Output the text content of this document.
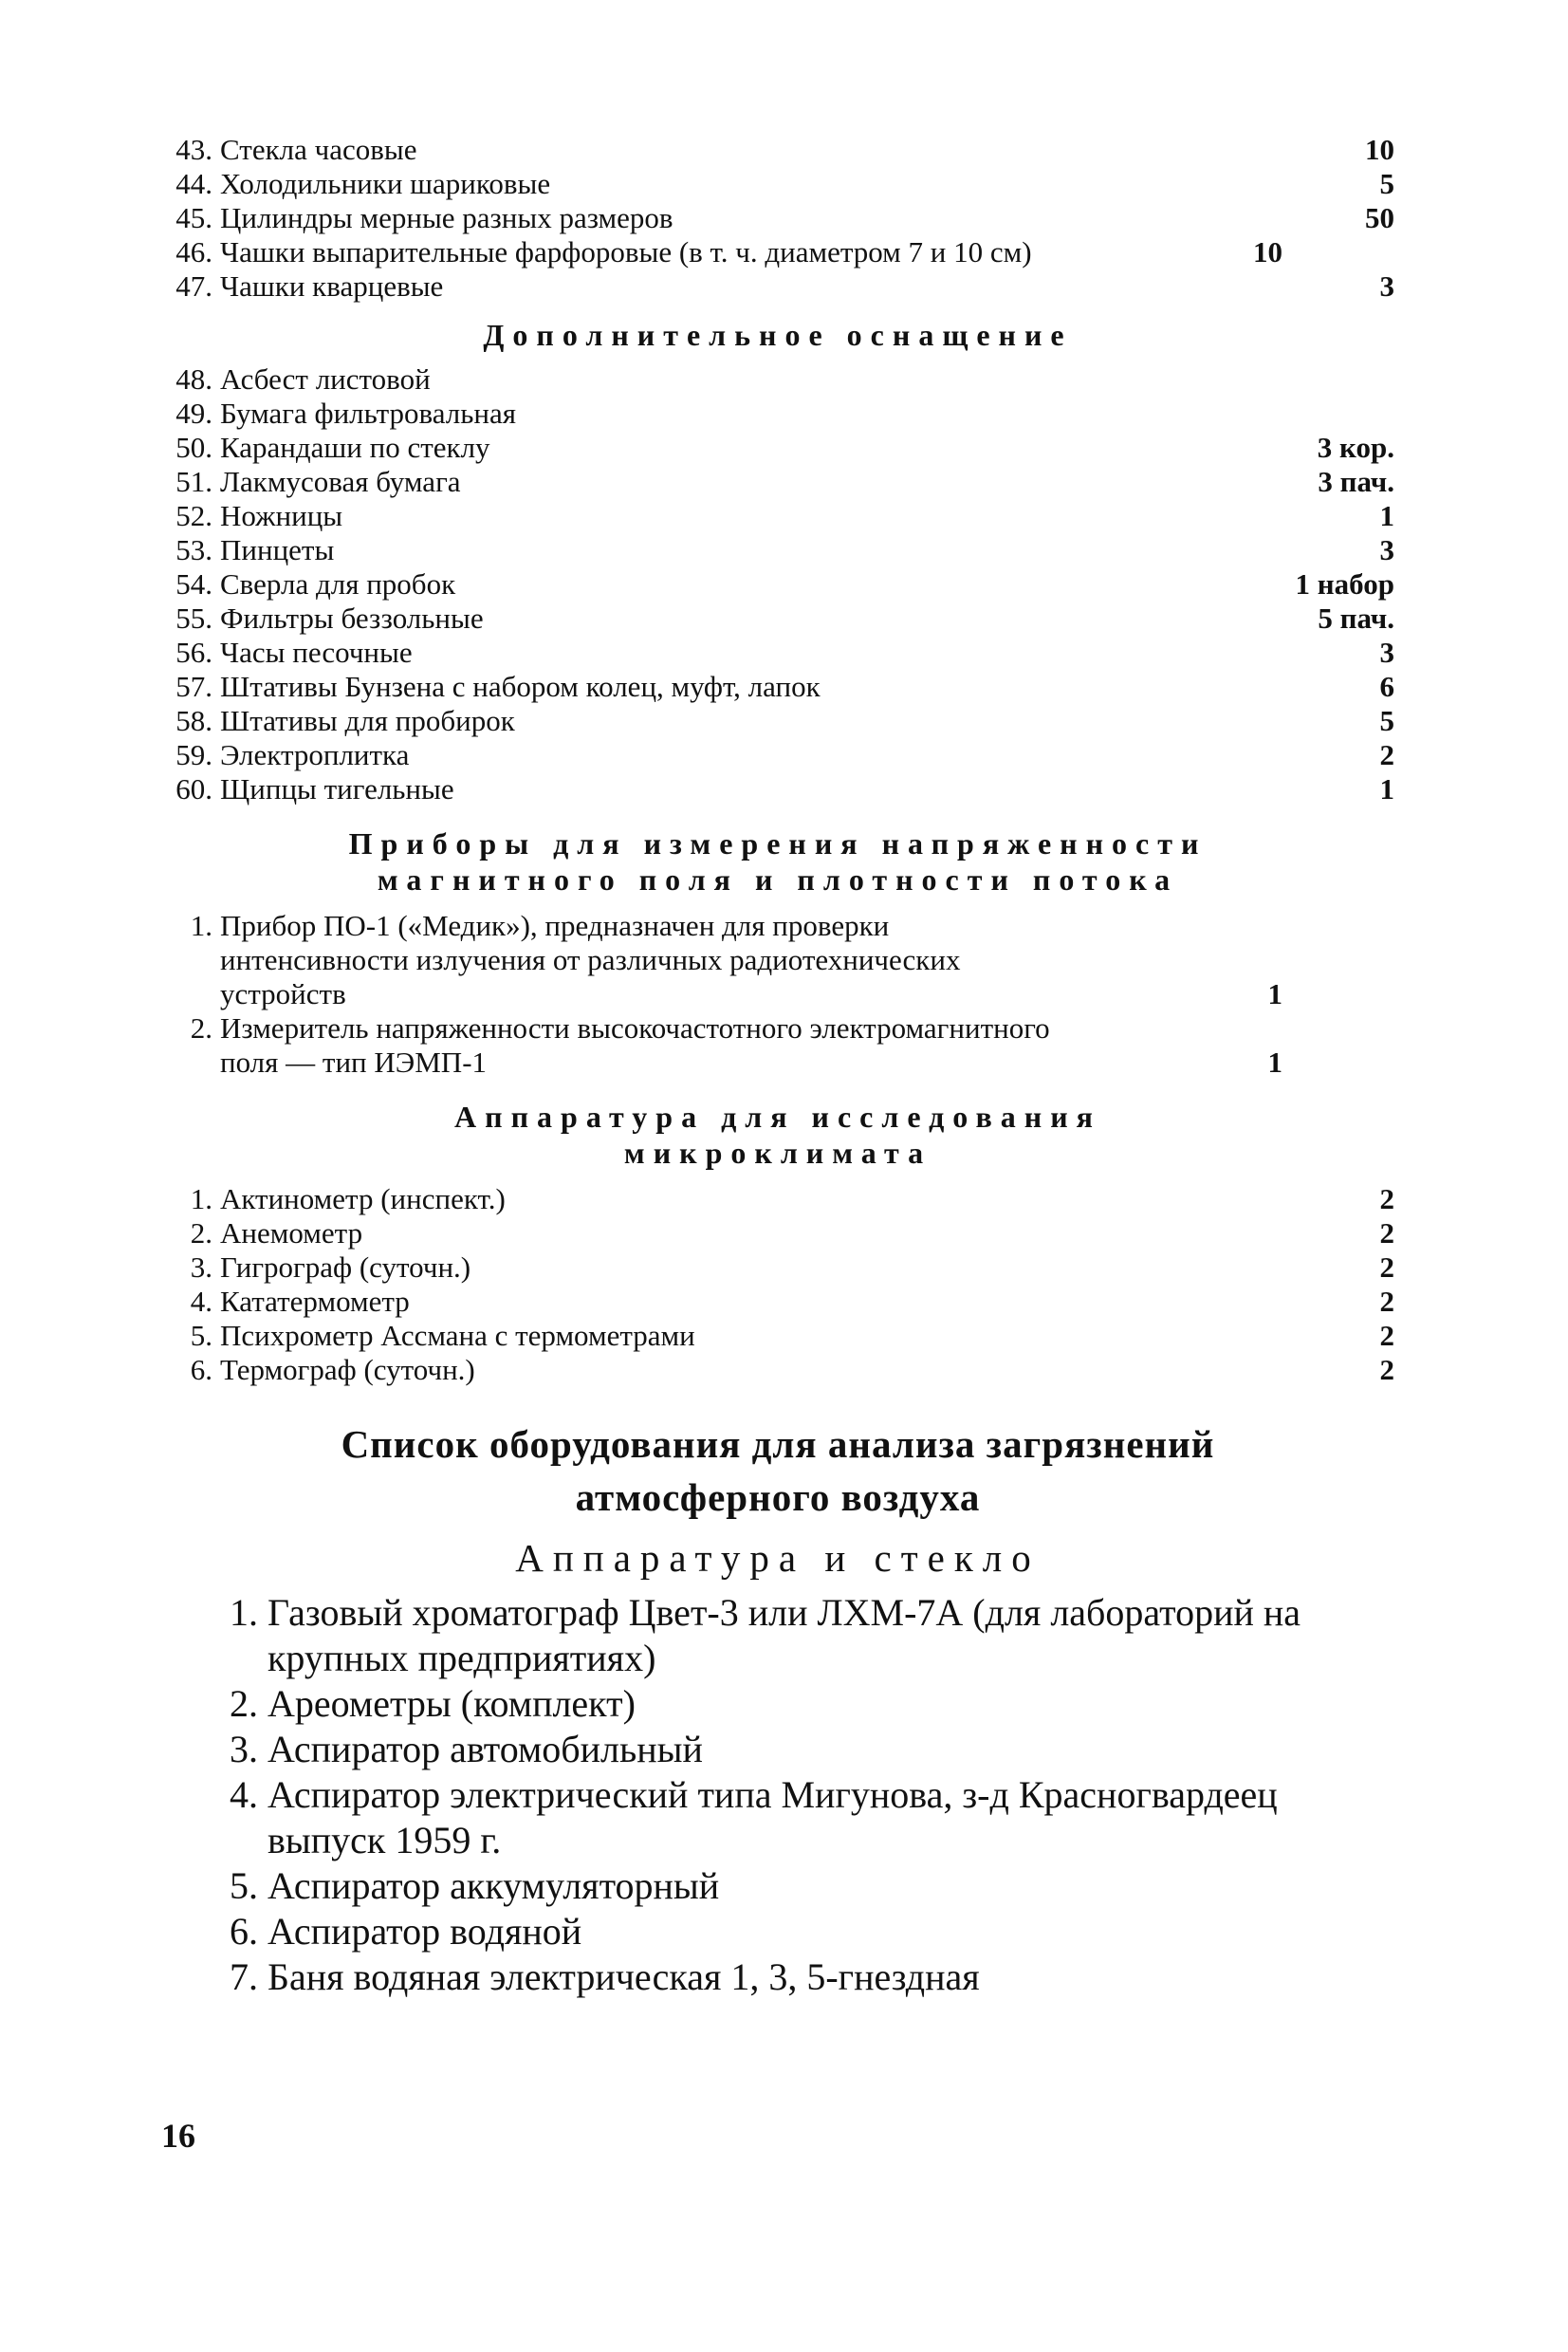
43. Стекла часовые	10
44. Холодильники шариковые	5
45. Цилиндры мерные разных размеров	50
46. Чашки выпарительные фарфоровые (в т. ч. диаметром 7 и 10 см)	10
47. Чашки кварцевые	3
Дополнительное оснащение
48. Асбест листовой
49. Бумага фильтровальная
50. Карандаши по стеклу	3 кор.
51. Лакмусовая бумага	3 пач.
52. Ножницы	1
53. Пинцеты	3
54. Сверла для пробок	1 набор
55. Фильтры беззольные	5 пач.
56. Часы песочные	3
57. Штативы Бунзена с набором колец, муфт, лапок	6
58. Штативы для пробирок	5
59. Электроплитка	2
60. Щипцы тигельные	1
Приборы для измерения напряженности
магнитного поля и плотности потока
1. Прибор ПО-1 («Медик»), предназначен для проверки интенсивности излучения от различных радиотехнических устройств	1
2. Измеритель напряженности высокочастотного электромагнитного поля — тип ИЭМП-1	1
Аппаратура для исследования
микроклимата
1. Актинометр (инспект.)	2
2. Анемометр	2
3. Гигрограф (суточн.)	2
4. Кататермометр	2
5. Психрометр Ассмана с термометрами	2
6. Термограф (суточн.)	2
Список оборудования для анализа загрязнений
атмосферного воздуха
Аппаратура и стекло
1. Газовый хроматограф Цвет-3 или ЛХМ-7А (для лабораторий на крупных предприятиях)
2. Ареометры (комплект)
3. Аспиратор автомобильный
4. Аспиратор электрический типа Мигунова, з-д Красногвардеец выпуск 1959 г.
5. Аспиратор аккумуляторный
6. Аспиратор водяной
7. Баня водяная электрическая 1, 3, 5-гнездная
16
